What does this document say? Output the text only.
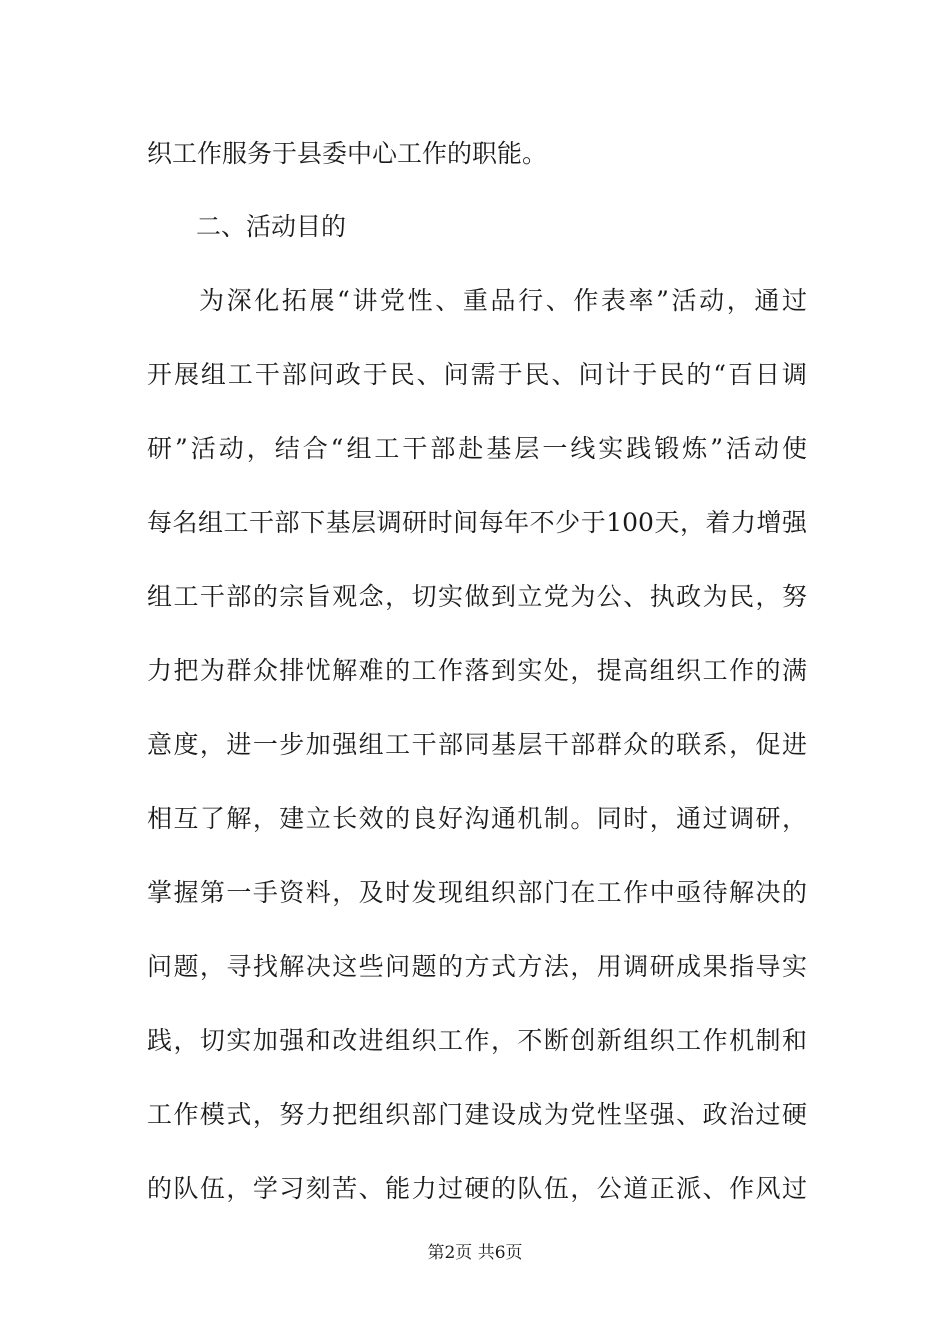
织工作服务于县委中心工作的职能。
二、活动目的
为深化拓展“讲党性、重品行、作表率”活动，通过
开展组工干部问政于民、问需于民、问计于民的“百日调
研”活动，结合“组工干部赴基层一线实践锻炼”活动使
每名组工干部下基层调研时间每年不少于100天，着力增强
组工干部的宗旨观念，切实做到立党为公、执政为民，努
力把为群众排忧解难的工作落到实处，提高组织工作的满
意度，进一步加强组工干部同基层干部群众的联系，促进
相互了解，建立长效的良好沟通机制。同时，通过调研，
掌握第一手资料，及时发现组织部门在工作中亟待解决的
问题，寻找解决这些问题的方式方法，用调研成果指导实
践，切实加强和改进组织工作，不断创新组织工作机制和
工作模式，努力把组织部门建设成为党性坚强、政治过硬
的队伍，学习刻苦、能力过硬的队伍，公道正派、作风过
第2页 共6页
